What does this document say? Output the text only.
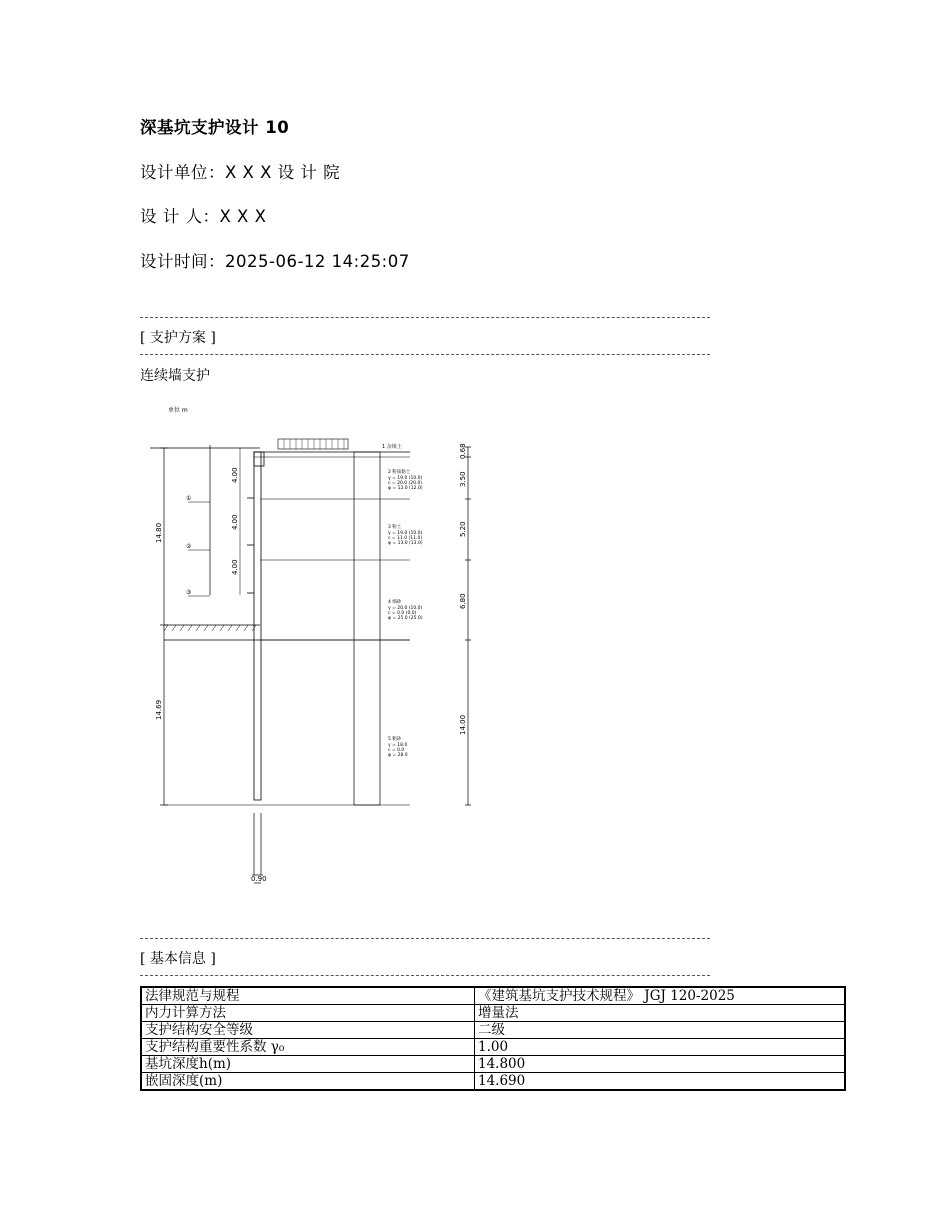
深基坑支护设计 10
设计单位：X X X 设 计 院
设 计 人：X X X
设计时间：2025-06-12 14:25:07
[ 支护方案 ]
连续墙支护
单位 m
14.80
14.69
①
②
③
4.00
4.00
4.00
1 杂填土
2 粉质黏土
γ = 19.0 (10.0)
c = 20.0 (20.0)
φ = 12.0 (12.0)
3 粉土
γ = 19.0 (10.0)
c = 11.0 (11.0)
φ = 13.0 (13.0)
4 细砂
γ = 20.0 (10.0)
c = 0.0 (0.0)
φ = 25.0 (25.0)
5 粗砂
γ = 18.0
c = 0.0
φ = 28.0
0.68
3.50
5.20
6.80
14.00
0.90
[ 基本信息 ]
法律规范与规程	《建筑基坑支护技术规程》 JGJ 120-2025
内力计算方法	增量法
支护结构安全等级	二级
支护结构重要性系数 γ₀	1.00
基坑深度h(m)	14.800
嵌固深度(m)	14.690
